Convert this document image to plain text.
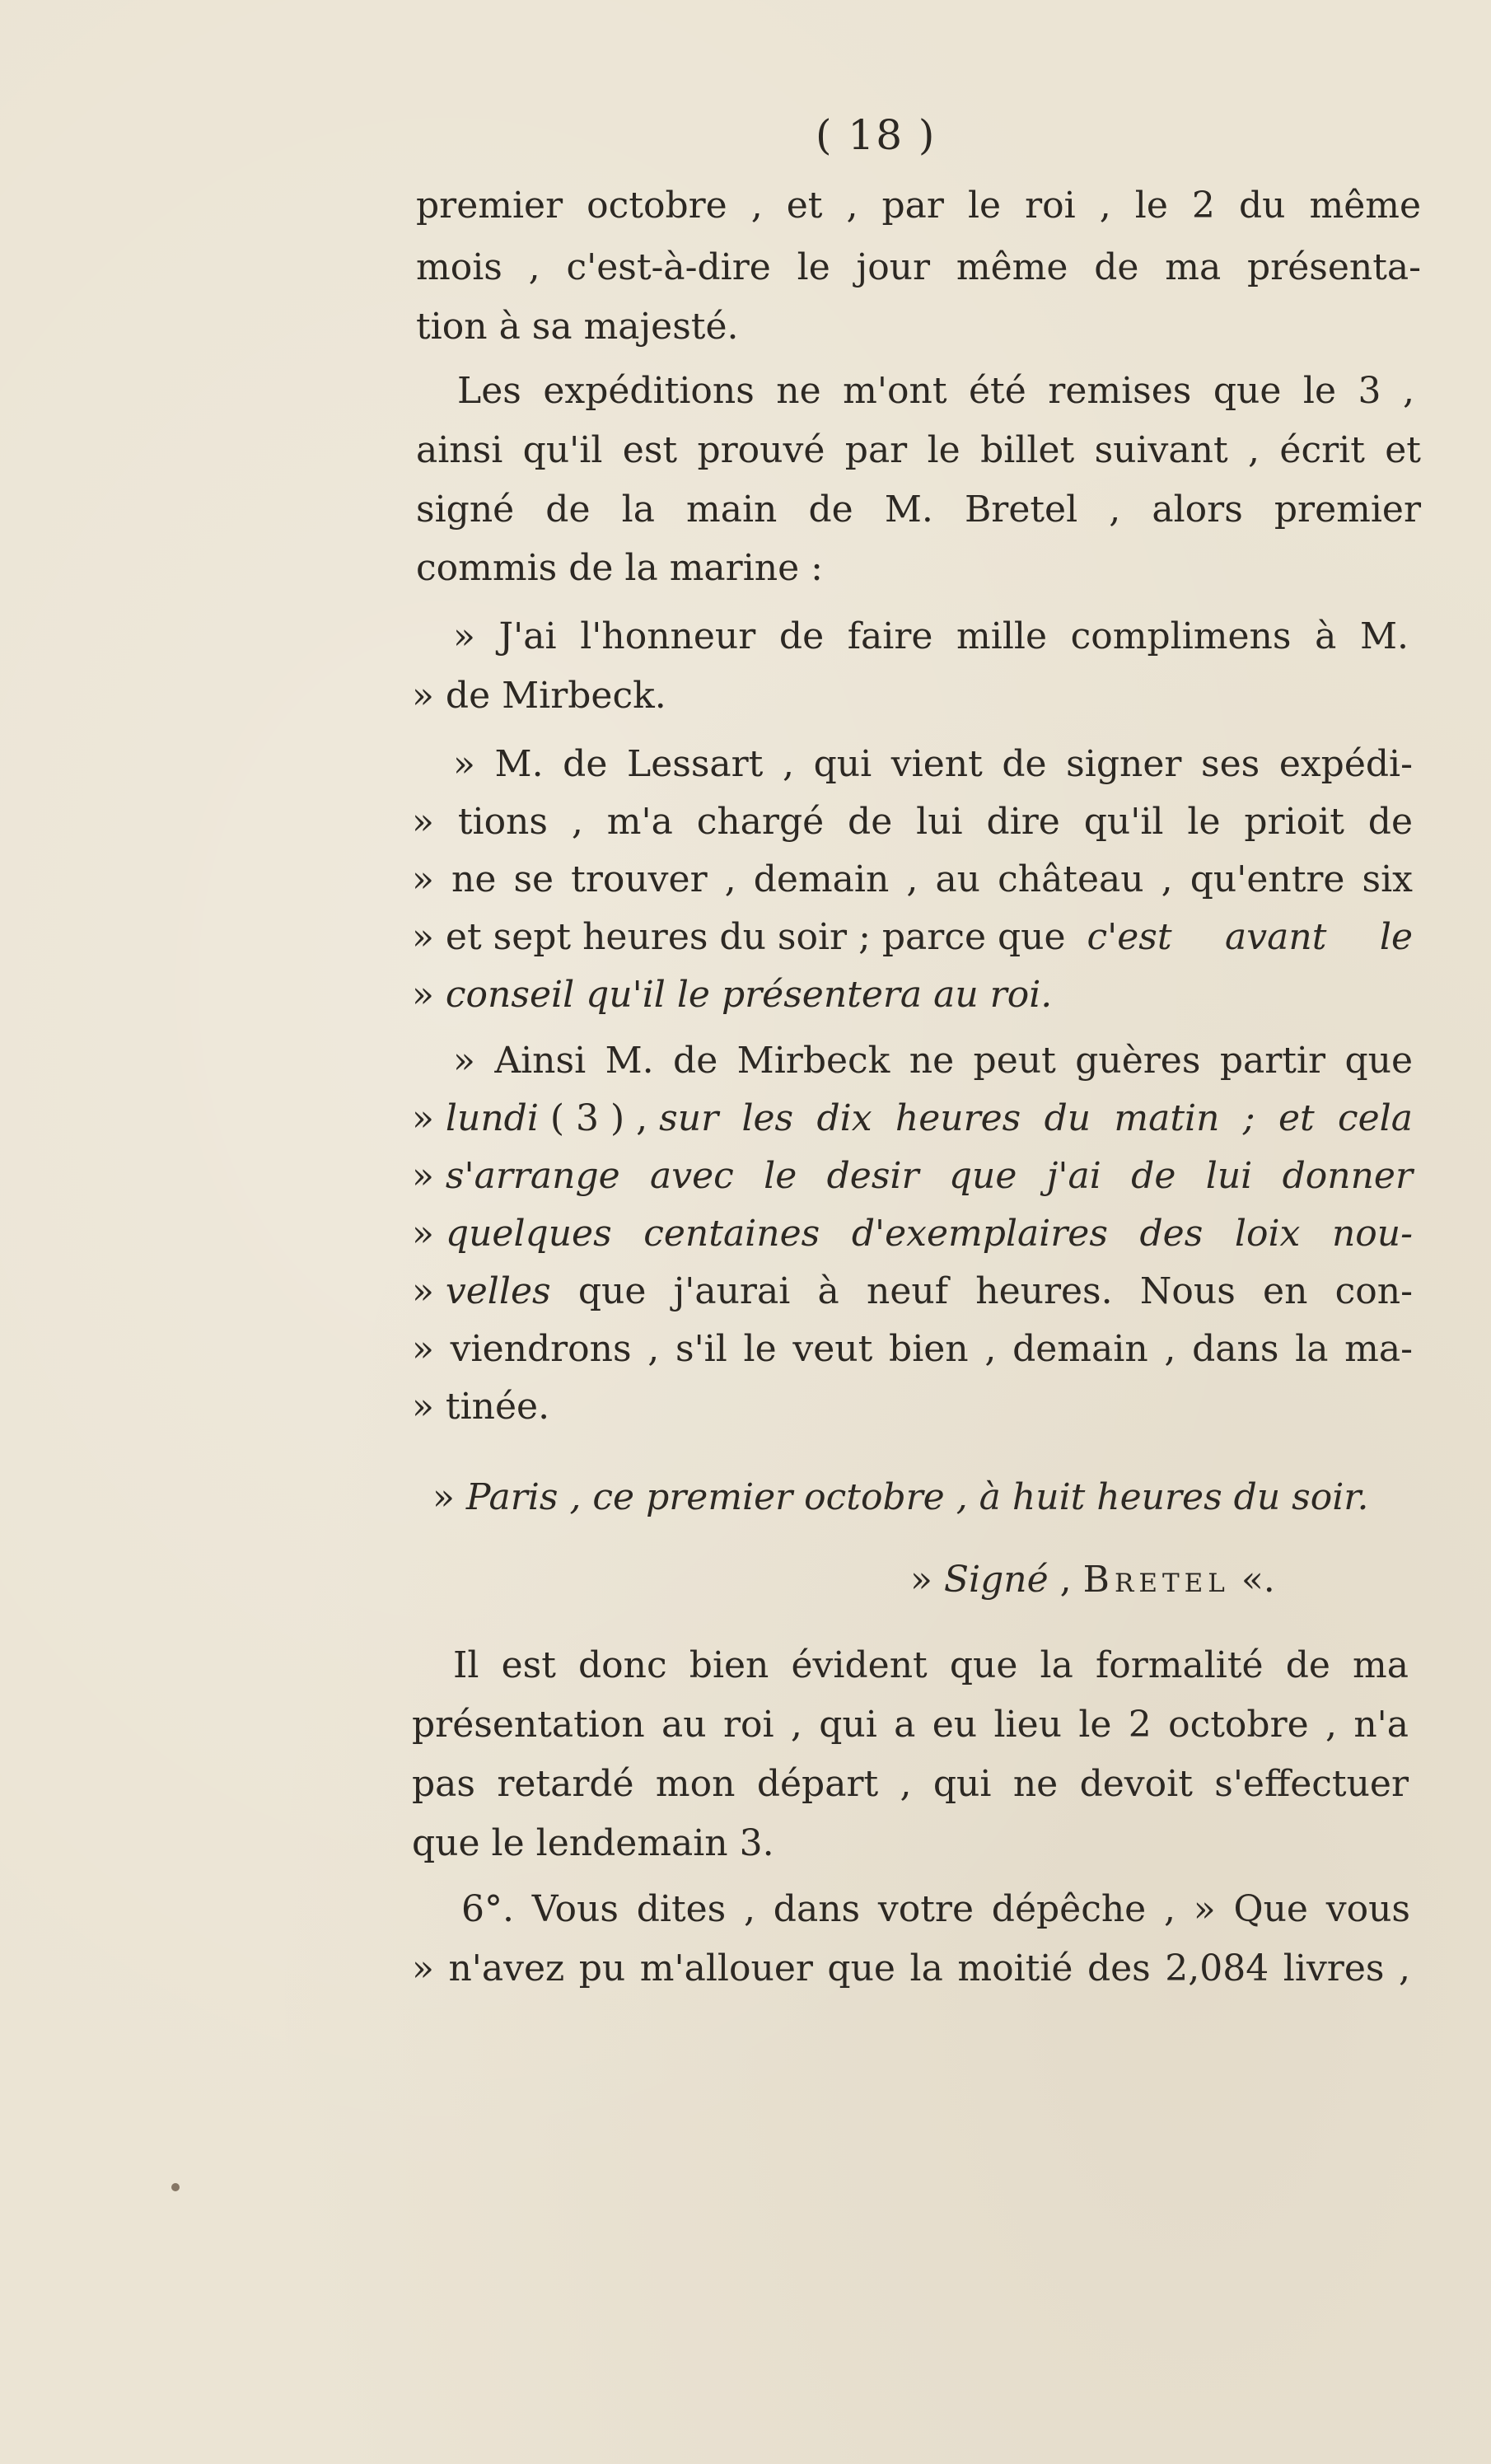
( 18 )

premier octobre , et , par le roi , le 2 du même

mois , c'est-à-dire le jour même de ma présenta-

tion à sa majesté.

Les expéditions ne m'ont été remises que le 3 ,

ainsi qu'il est prouvé par le billet suivant , écrit et

signé de la main de M. Bretel , alors premier

commis de la marine :

» J'ai l'honneur de faire mille complimens à M.

» de Mirbeck.

» M. de Lessart , qui vient de signer ses expédi-

» tions , m'a chargé de lui dire qu'il le prioit de

» ne se trouver , demain , au château , qu'entre six

» et sept heures du soir ; parce que c'est avant le

» conseil qu'il le présentera au roi.

» Ainsi M. de Mirbeck ne peut guères partir que

» lundi ( 3 ) , sur les dix heures du matin ; et cela

» s'arrange avec le desir que j'ai de lui donner

» quelques centaines d'exemplaires des loix nou-

» velles que j'aurai à neuf heures. Nous en con-

» viendrons , s'il le veut bien , demain , dans la ma-

» tinée.

» Paris , ce premier octobre , à huit heures du soir.

» Signé , Bretel «.

Il est donc bien évident que la formalité de ma

présentation au roi , qui a eu lieu le 2 octobre , n'a

pas retardé mon départ , qui ne devoit s'effectuer

que le lendemain 3.

6°. Vous dites , dans votre dépêche , » Que vous

» n'avez pu m'allouer que la moitié des 2,084 livres ,
